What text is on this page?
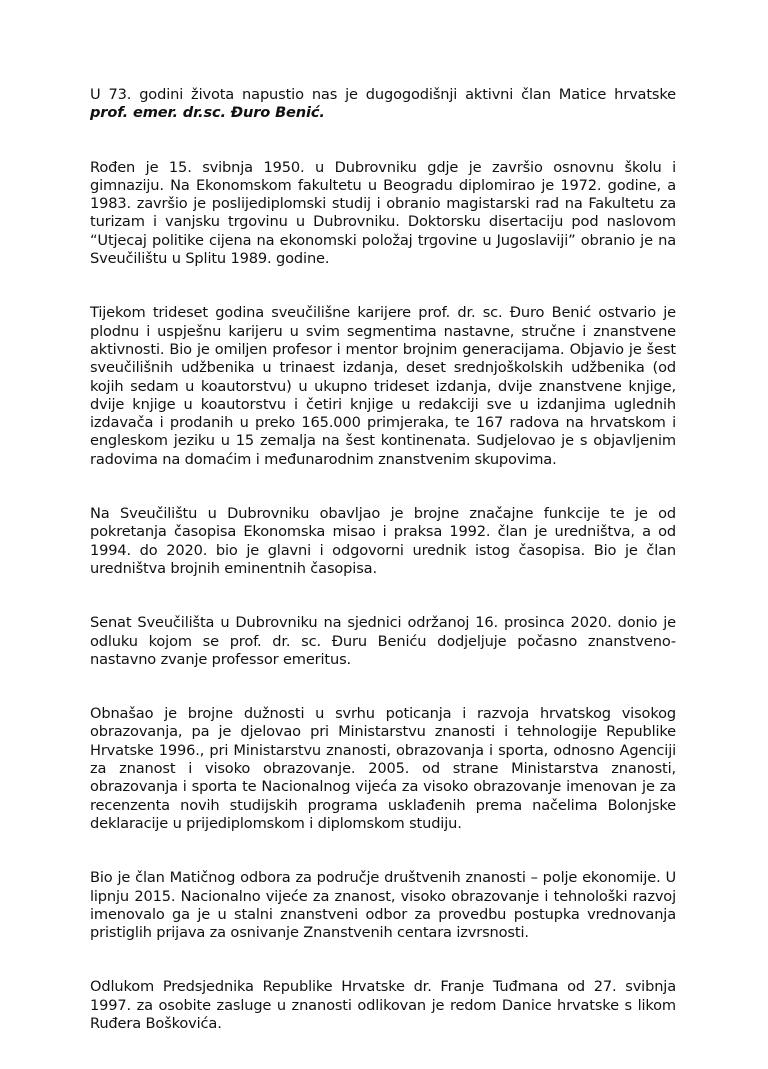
U 73. godini života napustio nas je dugogodišnji aktivni član Matice hrvatske prof. emer. dr.sc. Đuro Benić.

Rođen je 15. svibnja 1950. u Dubrovniku gdje je završio osnovnu školu i gimnaziju. Na Ekonomskom fakultetu u Beogradu diplomirao je 1972. godine, a 1983. završio je poslijediplomski studij i obranio magistarski rad na Fakultetu za turizam i vanjsku trgovinu u Dubrovniku. Doktorsku disertaciju pod naslovom “Utjecaj politike cijena na ekonomski položaj trgovine u Jugoslaviji” obranio je na Sveučilištu u Splitu 1989. godine.

Tijekom trideset godina sveučilišne karijere prof. dr. sc. Đuro Benić ostvario je plodnu i uspješnu karijeru u svim segmentima nastavne, stručne i znanstvene aktivnosti. Bio je omiljen profesor i mentor brojnim generacijama. Objavio je šest sveučilišnih udžbenika u trinaest izdanja, deset srednjoškolskih udžbenika (od kojih sedam u koautorstvu) u ukupno trideset izdanja, dvije znanstvene knjige, dvije knjige u koautorstvu i četiri knjige u redakciji sve u izdanjima uglednih izdavača i prodanih u preko 165.000 primjeraka, te 167 radova na hrvatskom i engleskom jeziku u 15 zemalja na šest kontinenata. Sudjelovao je s objavljenim radovima na domaćim i međunarodnim znanstvenim skupovima.

Na Sveučilištu u Dubrovniku obavljao je brojne značajne funkcije te je od pokretanja časopisa Ekonomska misao i praksa 1992. član je uredništva, a od 1994. do 2020. bio je glavni i odgovorni urednik istog časopisa. Bio je član uredništva brojnih eminentnih časopisa.

Senat Sveučilišta u Dubrovniku na sjednici održanoj 16. prosinca 2020. donio je odluku kojom se prof. dr. sc. Đuru Beniću dodjeljuje počasno znanstveno-nastavno zvanje professor emeritus.

Obnašao je brojne dužnosti u svrhu poticanja i razvoja hrvatskog visokog obrazovanja, pa je djelovao pri Ministarstvu znanosti i tehnologije Republike Hrvatske 1996., pri Ministarstvu znanosti, obrazovanja i sporta, odnosno Agenciji za znanost i visoko obrazovanje. 2005. od strane Ministarstva znanosti, obrazovanja i sporta te Nacionalnog vijeća za visoko obrazovanje imenovan je za recenzenta novih studijskih programa usklađenih prema načelima Bolonjske deklaracije u prijediplomskom i diplomskom studiju.

Bio je član Matičnog odbora za područje društvenih znanosti – polje ekonomije. U lipnju 2015. Nacionalno vijeće za znanost, visoko obrazovanje i tehnološki razvoj imenovalo ga je u stalni znanstveni odbor za provedbu postupka vrednovanja pristiglih prijava za osnivanje Znanstvenih centara izvrsnosti.

Odlukom Predsjednika Republike Hrvatske dr. Franje Tuđmana od 27. svibnja 1997. za osobite zasluge u znanosti odlikovan je redom Danice hrvatske s likom Ruđera Boškovića.
